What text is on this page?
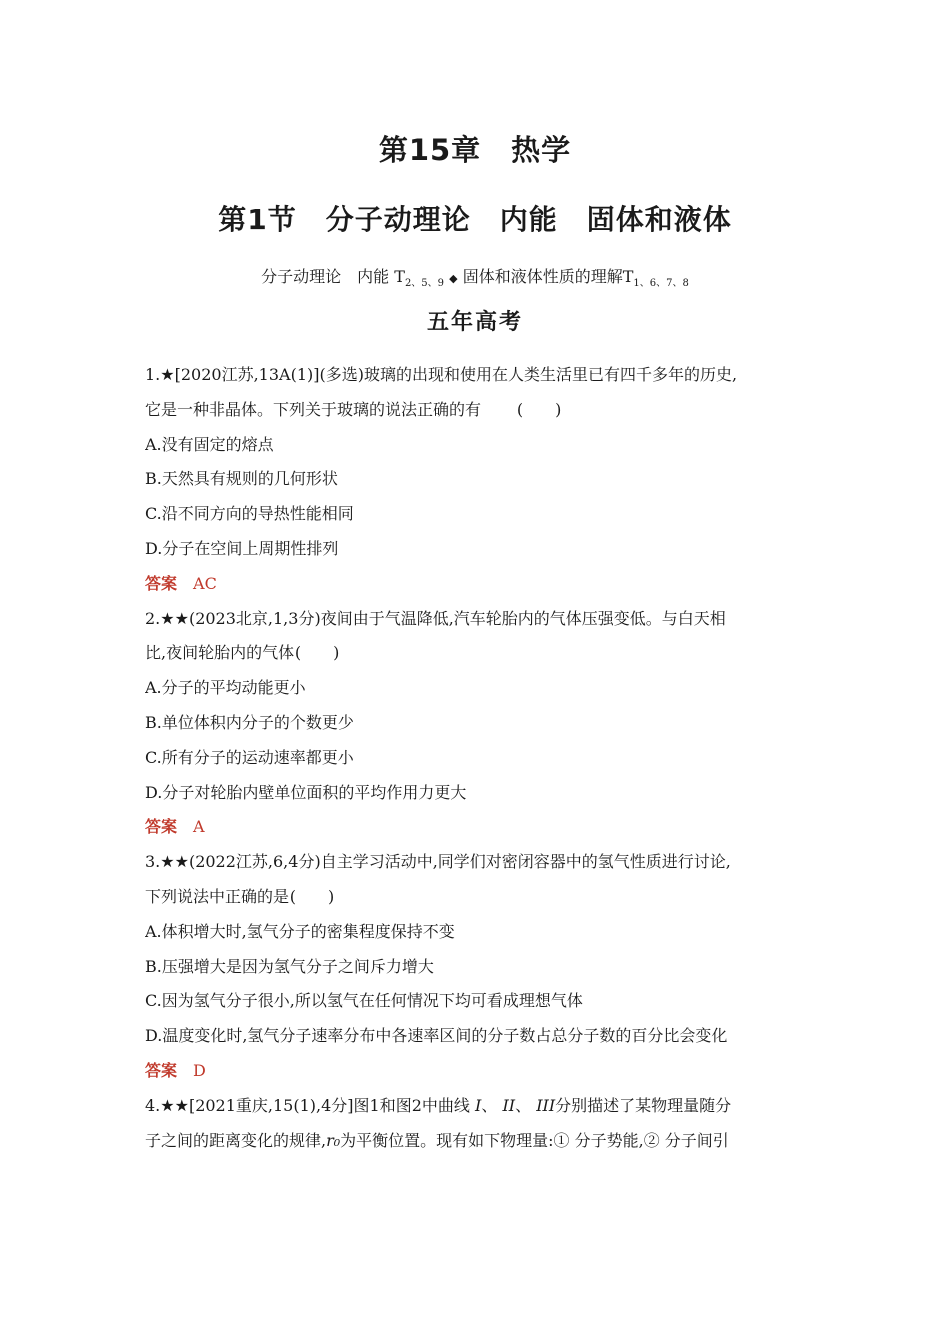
第15章　热学
第1节　分子动理论　内能　固体和液体
分子动理论　内能 $T_{2、5、9}$ ◆ 固体和液体性质的理解$T_{1、6、7、8}$
五年高考
1.★[2020江苏,13A(1)](多选)玻璃的出现和使用在人类生活里已有四千多年的历史,
它是一种非晶体。下列关于玻璃的说法正确的有 (　　)
A.没有固定的熔点
B.天然具有规则的几何形状
C.沿不同方向的导热性能相同
D.分子在空间上周期性排列
答案 AC
2.★★(2023北京,1,3分)夜间由于气温降低,汽车轮胎内的气体压强变低。与白天相
比,夜间轮胎内的气体(　　)
A.分子的平均动能更小
B.单位体积内分子的个数更少
C.所有分子的运动速率都更小
D.分子对轮胎内壁单位面积的平均作用力更大
答案 A
3.★★(2022江苏,6,4分)自主学习活动中,同学们对密闭容器中的氢气性质进行讨论,
下列说法中正确的是(　　)
A.体积增大时,氢气分子的密集程度保持不变
B.压强增大是因为氢气分子之间斥力增大
C.因为氢气分子很小,所以氢气在任何情况下均可看成理想气体
D.温度变化时,氢气分子速率分布中各速率区间的分子数占总分子数的百分比会变化
答案 D
4.★★[2021重庆,15(1),4分]图1和图2中曲线 I、 II、 III分别描述了某物理量随分
子之间的距离变化的规律,r₀为平衡位置。现有如下物理量:① 分子势能,② 分子间引
